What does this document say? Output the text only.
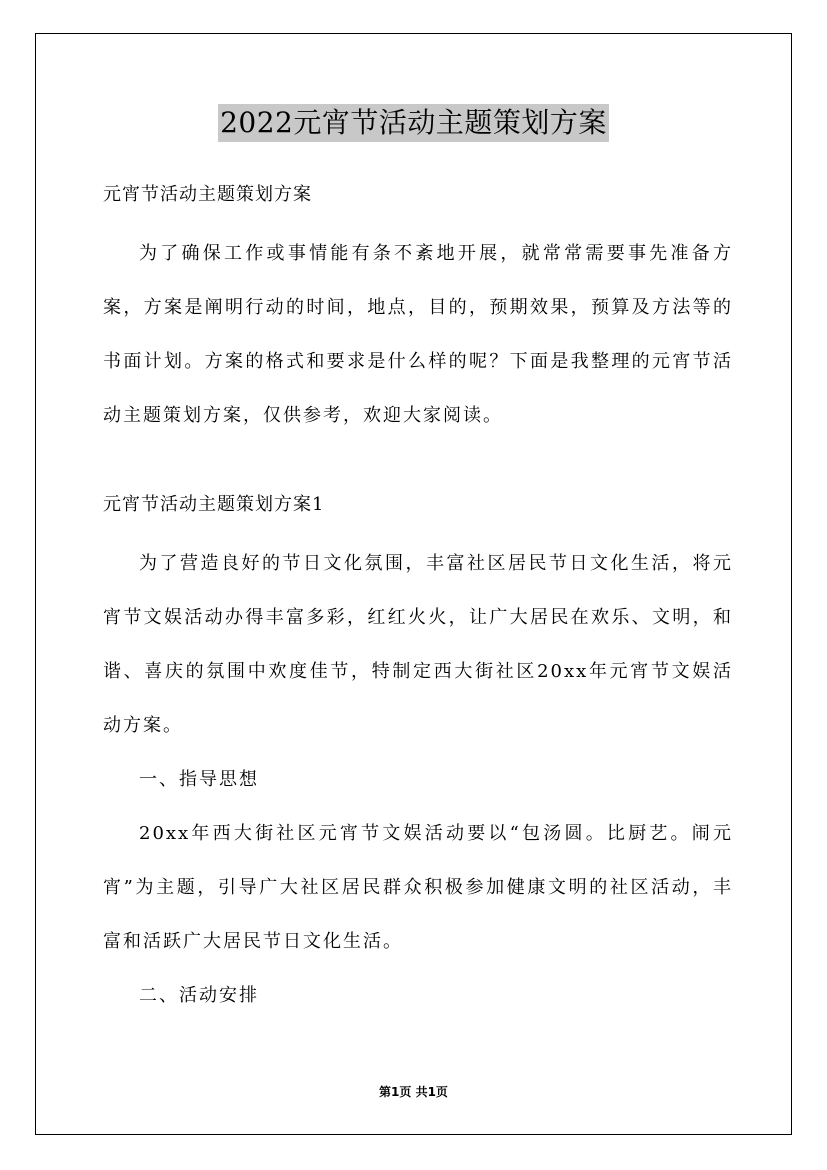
2022元宵节活动主题策划方案

元宵节活动主题策划方案

为了确保工作或事情能有条不紊地开展，就常常需要事先准备方案，方案是阐明行动的时间，地点，目的，预期效果，预算及方法等的书面计划。方案的格式和要求是什么样的呢？下面是我整理的元宵节活动主题策划方案，仅供参考，欢迎大家阅读。

元宵节活动主题策划方案1

为了营造良好的节日文化氛围，丰富社区居民节日文化生活，将元宵节文娱活动办得丰富多彩，红红火火，让广大居民在欢乐、文明，和谐、喜庆的氛围中欢度佳节，特制定西大街社区20xx年元宵节文娱活动方案。

一、指导思想

20xx年西大街社区元宵节文娱活动要以“包汤圆。比厨艺。闹元宵”为主题，引导广大社区居民群众积极参加健康文明的社区活动，丰富和活跃广大居民节日文化生活。

二、活动安排

第1页 共1页
